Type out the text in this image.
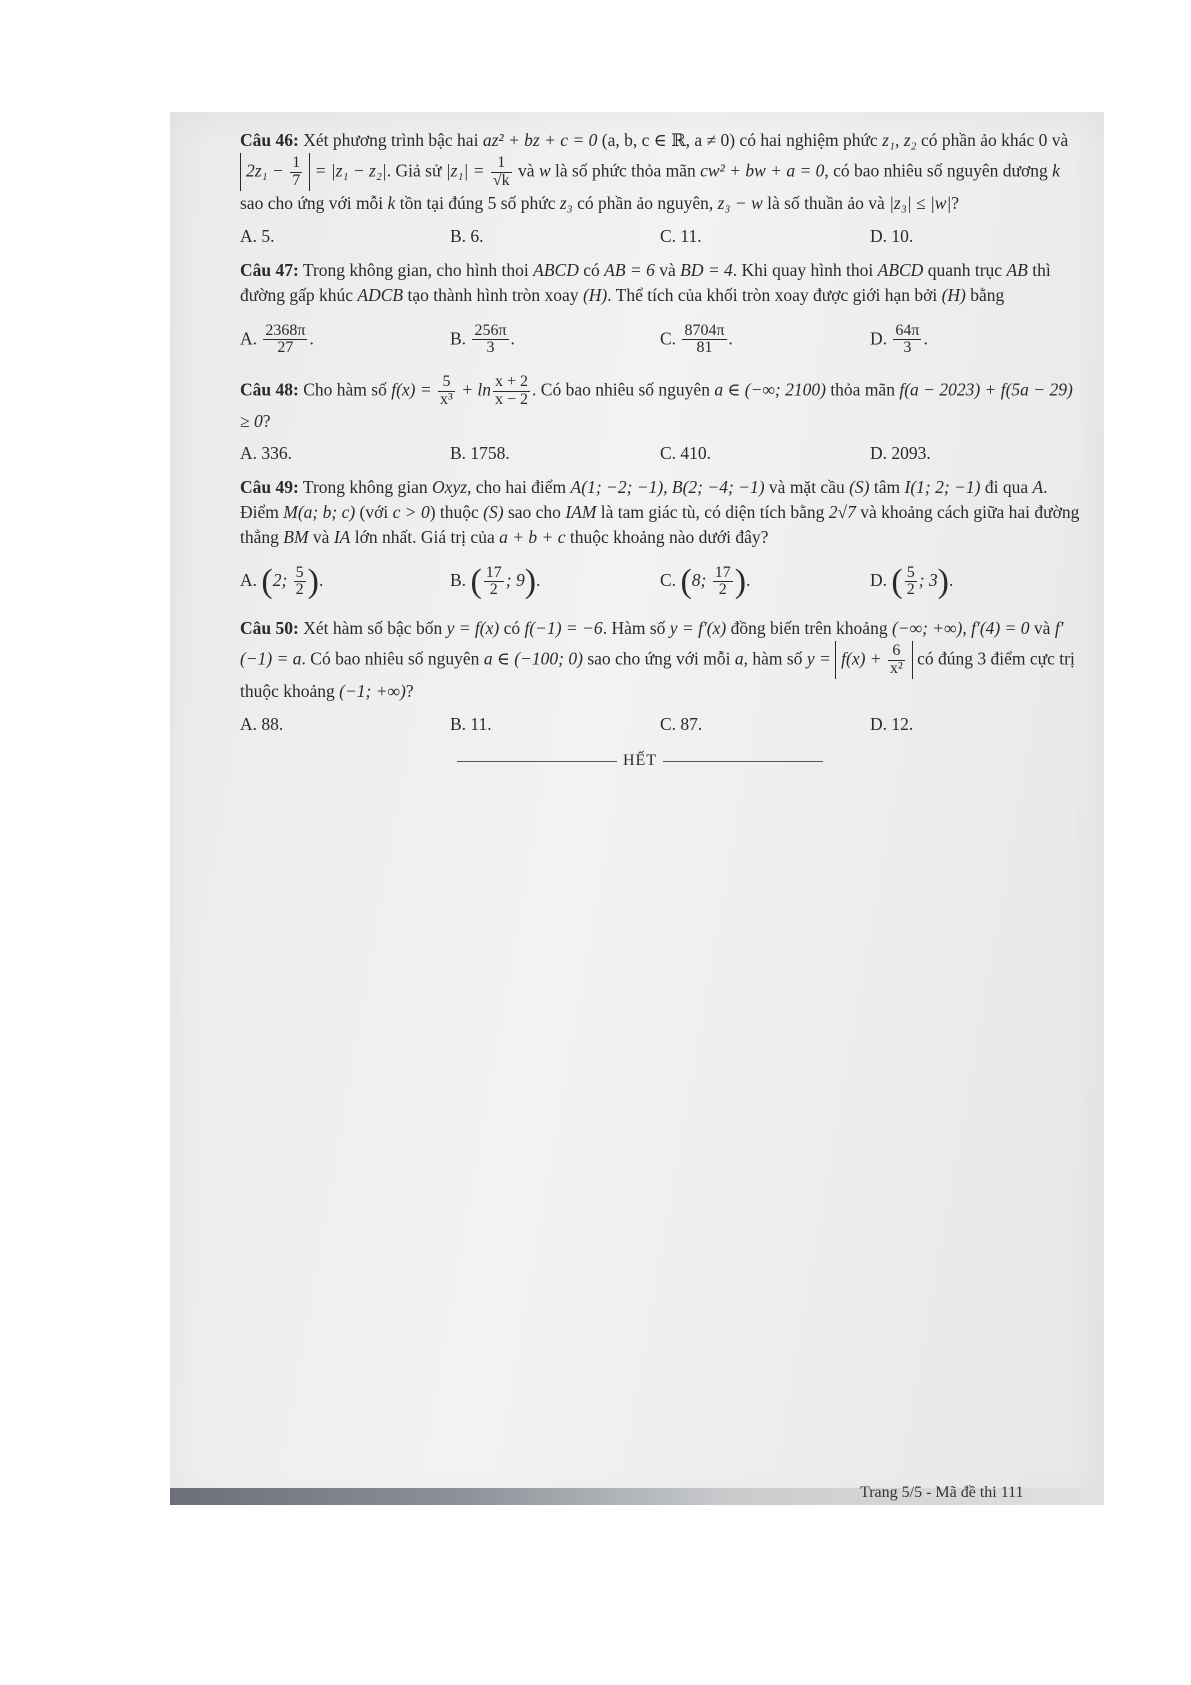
Câu 46: Xét phương trình bậc hai az² + bz + c = 0 (a, b, c ∈ ℝ, a ≠ 0) có hai nghiệm phức z₁, z₂ có phần ảo khác 0 và $2z_1 - \frac{1}{7} = |z_1 - z_2|$. Giả sử $|z_1| = \frac{1}{√k}$ và w là số phức thỏa mãn cw² + bw + a = 0, có bao nhiêu số nguyên dương k sao cho ứng với mỗi k tồn tại đúng 5 số phức z₃ có phần ảo nguyên, z₃ − w là số thuần ảo và |z₃| ≤ |w|?
A. 5.	B. 6.	C. 11.	D. 10.
Câu 47: Trong không gian, cho hình thoi ABCD có AB = 6 và BD = 4. Khi quay hình thoi ABCD quanh trục AB thì đường gấp khúc ADCB tạo thành hình tròn xoay (H). Thể tích của khối tròn xoay được giới hạn bởi (H) bằng
A. $\frac{2368\pi}{27}$ .	B. $\frac{256\pi}{3}$ .	C. $\frac{8704\pi}{81}$ .	D. $\frac{64\pi}{3}$ .
Câu 48: Cho hàm số $f(x) = \frac{5}{\text{x³}} + \ln \frac{x + 2}{x - 2}$ . Có bao nhiêu số nguyên a ∈ (−∞; 2100) thỏa mãn f(a − 2023) + f(5a − 29) ≥ 0?
A. 336.	B. 1758.	C. 410.	D. 2093.
Câu 49: Trong không gian Oxyz, cho hai điểm A(1; −2; −1), B(2; −4; −1) và mặt cầu (S) tâm I(1; 2; −1) đi qua A. Điểm M(a; b; c) (với c > 0) thuộc (S) sao cho IAM là tam giác tù, có diện tích bằng 2√7 và khoảng cách giữa hai đường thẳng BM và IA lớn nhất. Giá trị của a + b + c thuộc khoảng nào dưới đây?
A. (2; $\frac{5}{2}$ ).	B. ( $\frac{17}{2}$ ; 9).	C. (8; $\frac{17}{2}$ ).	D. ( $\frac{5}{2}$ ; 3).
Câu 50: Xét hàm số bậc bốn y = f(x) có f(−1) = −6. Hàm số y = f′(x) đồng biến trên khoảng (−∞; +∞), f′(4) = 0 và f′(−1) = a. Có bao nhiêu số nguyên a ∈ (−100; 0) sao cho ứng với mỗi a, hàm số $y = f(x) + \frac{6}{\text{x²}}$ có đúng 3 điểm cực trị thuộc khoảng (−1; +∞)?
A. 88.	B. 11.	C. 87.	D. 12.
HẾT
Trang 5/5 - Mã đề thi 111
